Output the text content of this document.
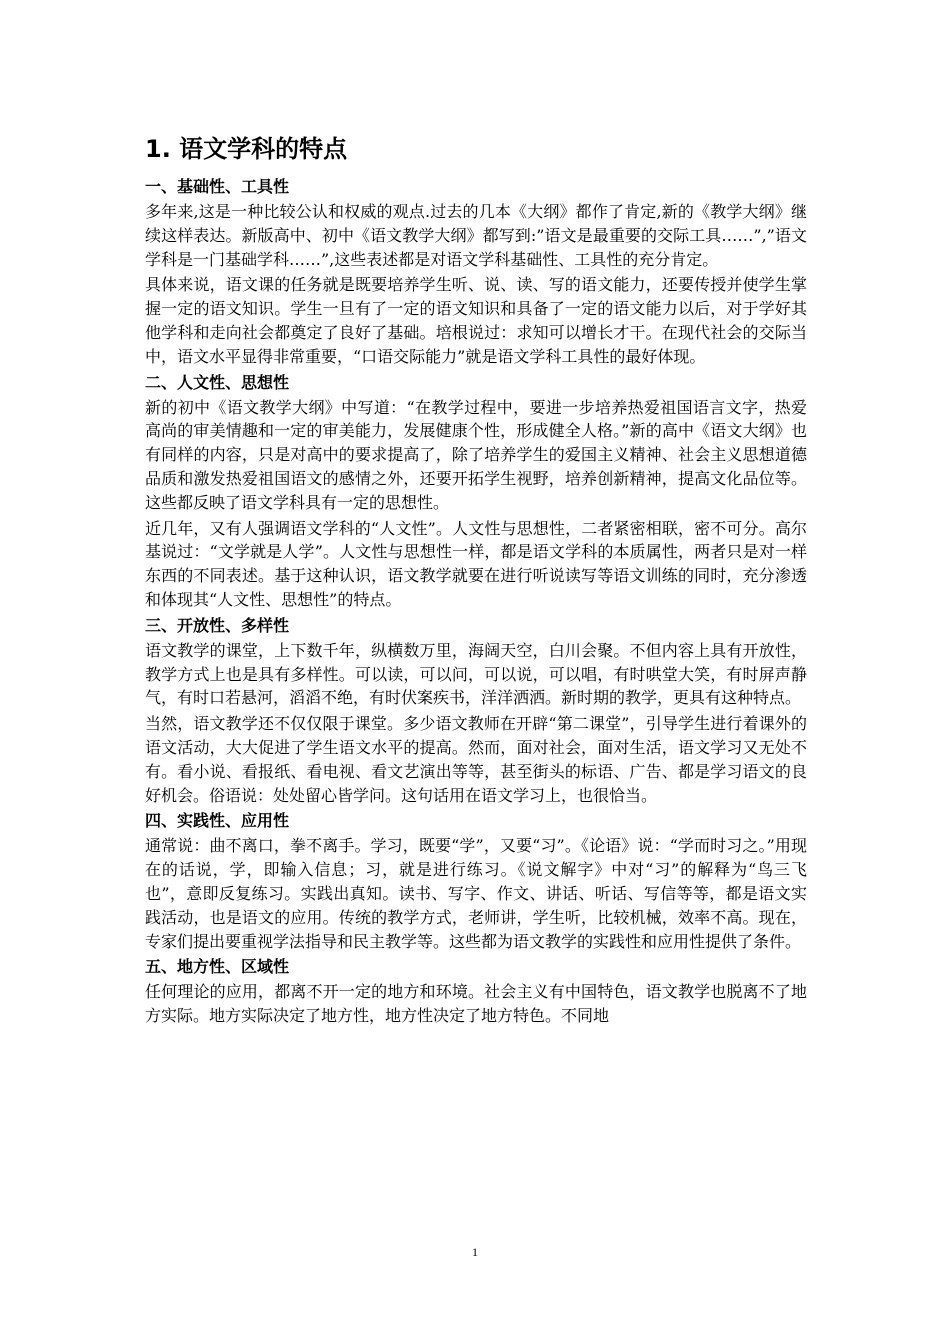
1. 语文学科的特点
一、基础性、工具性

多年来,这是一种比较公认和权威的观点.过去的几本《大纲》都作了肯定,新的《教学大纲》继续这样表达。新版高中、初中《语文教学大纲》都写到:”语文是最重要的交际工具……”,”语文学科是一门基础学科……”,这些表述都是对语文学科基础性、工具性的充分肯定。

具体来说，语文课的任务就是既要培养学生听、说、读、写的语文能力，还要传授并使学生掌握一定的语文知识。学生一旦有了一定的语文知识和具备了一定的语文能力以后，对于学好其他学科和走向社会都奠定了良好了基础。培根说过：求知可以增长才干。在现代社会的交际当中，语文水平显得非常重要，“口语交际能力”就是语文学科工具性的最好体现。

二、人文性、思想性

新的初中《语文教学大纲》中写道：“在教学过程中，要进一步培养热爱祖国语言文字，热爱高尚的审美情趣和一定的审美能力，发展健康个性，形成健全人格。”新的高中《语文大纲》也有同样的内容，只是对高中的要求提高了，除了培养学生的爱国主义精神、社会主义思想道德品质和激发热爱祖国语文的感情之外，还要开拓学生视野，培养创新精神，提高文化品位等。这些都反映了语文学科具有一定的思想性。

近几年，又有人强调语文学科的“人文性”。人文性与思想性，二者紧密相联，密不可分。高尔基说过：“文学就是人学”。人文性与思想性一样，都是语文学科的本质属性，两者只是对一样东西的不同表述。基于这种认识，语文教学就要在进行听说读写等语文训练的同时，充分渗透和体现其“人文性、思想性”的特点。

三、开放性、多样性

语文教学的课堂，上下数千年，纵横数万里，海阔天空，白川会聚。不但内容上具有开放性，教学方式上也是具有多样性。可以读，可以问，可以说，可以唱，有时哄堂大笑，有时屏声静气，有时口若悬河，滔滔不绝，有时伏案疾书，洋洋洒洒。新时期的教学，更具有这种特点。

当然，语文教学还不仅仅限于课堂。多少语文教师在开辟“第二课堂”，引导学生进行着课外的语文活动，大大促进了学生语文水平的提高。然而，面对社会，面对生活，语文学习又无处不有。看小说、看报纸、看电视、看文艺演出等等，甚至街头的标语、广告、都是学习语文的良好机会。俗语说：处处留心皆学问。这句话用在语文学习上，也很恰当。

四、实践性、应用性

通常说：曲不离口，拳不离手。学习，既要“学”，又要“习”。《论语》说：“学而时习之。”用现在的话说，学，即输入信息；习，就是进行练习。《说文解字》中对“习”的解释为“鸟三飞也”，意即反复练习。实践出真知。读书、写字、作文、讲话、听话、写信等等，都是语文实践活动，也是语文的应用。传统的教学方式，老师讲，学生听，比较机械，效率不高。现在，专家们提出要重视学法指导和民主教学等。这些都为语文教学的实践性和应用性提供了条件。

五、地方性、区域性

任何理论的应用，都离不开一定的地方和环境。社会主义有中国特色，语文教学也脱离不了地方实际。地方实际决定了地方性，地方性决定了地方特色。不同地

1
